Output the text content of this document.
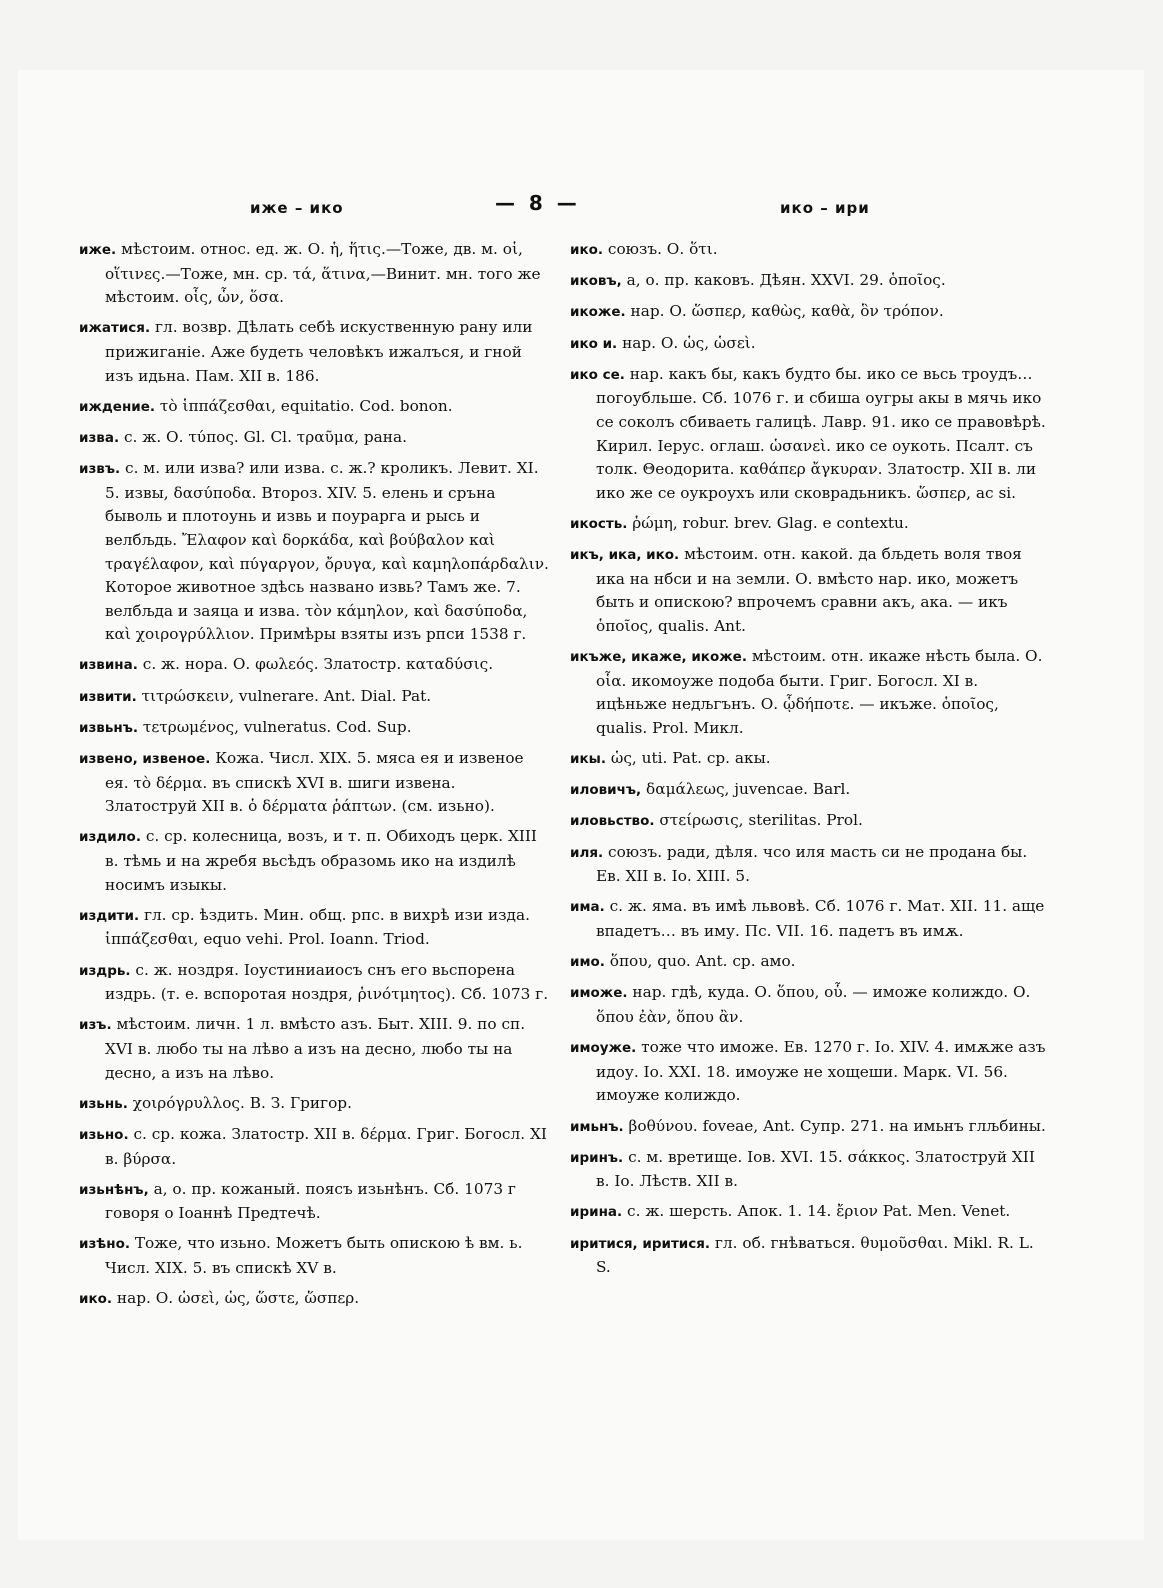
иже – ико	—  8  —	ико – ири

иже. мѣстоим. относ. ед. ж. О. ἡ, ἥτις.—Тоже, дв. м. οἱ, οἵτινες.—Тоже, мн. ср. τά, ἅτινα,—Винит. мн. того же мѣстоим. οἷς, ὧν, ὅσα.

ижатися. гл. возвр. Дѣлать себѣ искуственную рану или прижиганіе. Аже будеть человѣкъ ижалъся, и гной изъ идьна. Пам. XII в. 186.

иждение. τὸ ἱππάζεσθαι, equitatio. Cod. bonon.

изва. с. ж. О. τύπος. Gl. Cl. τραῦμα, рана.

извъ. с. м. или изва? или изва. с. ж.? кроликъ. Левит. XI. 5. извы, δασύποδα. Второз. XIV. 5. елень и сръна быволь и плотоунь и извь и поурарга и рысь и велбљдь. Ἔλαφον καὶ δορκάδα, καὶ βούβαλον καὶ τραγέλαφον, καὶ πύγαργον, ὄρυγα, καὶ καμηλοπάρδαλιν. Которое животное здѣсь названо извь? Тамъ же. 7. велбљда и заяца и изва. τὸν κάμηλον, καὶ δασύποδα, καὶ χοιρογρύλλιον. Примѣры взяты изъ рпси 1538 г.

извина. с. ж. нора. О. φωλεός. Златостр. καταδύσις.

извити. τιτρώσκειν, vulnerare. Ant. Dial. Pat.

извьнъ. τετρωμένος, vulneratus. Cod. Sup.

извено, извеное. Кожа. Числ. XIX. 5. мяса ея и извеное ея. τὸ δέρμα. въ спискѣ XVI в. шиги извена. Златоструй XII в. ὁ δέρματα ῥάπτων. (см. изьно).

издило. с. ср. колесница, возъ, и т. п. Обиходъ церк. XIII в. тѣмь и на жребя вьсѣдъ образомь ико на издилѣ носимъ изыкы.

издити. гл. ср. ѣздить. Мин. общ. рпс. в вихрѣ изи изда. ἱππάζεσθαι, equo vehi. Prol. Ioann. Triod.

издрь. с. ж. ноздря. Іоустиниаиосъ снъ его вьспорена издрь. (т. е. вспоротая ноздря, ῥινότμητος). Сб. 1073 г.

изъ. мѣстоим. личн. 1 л. вмѣсто азъ. Быт. XIII. 9. по сп. XVI в. любо ты на лѣво а изъ на десно, любо ты на десно, а изъ на лѣво.

изьнь. χοιρόγρυλλος. В. З. Григор.

изьно. с. ср. кожа. Златостр. XII в. δέρμα. Григ. Богосл. XI в. βύρσα.

изьнѣнъ, а, о. пр. кожаный. поясъ изьнѣнъ. Сб. 1073 г говоря о Іоаннѣ Предтечѣ.

изѣно. Тоже, что изьно. Можетъ быть опискою ѣ вм. ь. Числ. XIX. 5. въ спискѣ XV в.

ико. нар. О. ὡσεὶ, ὡς, ὥστε, ὥσπερ.

ико. союзъ. О. ὅτι.

иковъ, а, о. пр. каковъ. Дѣян. XXVI. 29. ὁποῖος.

икоже. нар. О. ὥσπερ, καθὼς, καθὰ, ὃν τρόπον.

ико и. нар. О. ὡς, ὡσεὶ.

ико се. нар. какъ бы, какъ будто бы. ико се вьсь троудъ… погоубльше. Сб. 1076 г. и сбиша оугры акы в мячь ико се соколъ сбиваеть галицѣ. Лавр. 91. ико се правовѣрѣ. Кирил. Іерус. оглаш. ὡσανεὶ. ико се оукоть. Псалт. съ толк. Θеодорита. καθάπερ ἄγκυραν. Златостр. XII в. ли ико же се оукроухъ или сковрадьникъ. ὥσπερ, ac si.

икость. ῥώμη, robur. brev. Glag. e contextu.

икъ, ика, ико. мѣстоим. отн. какой. да бљдеть воля твоя ика на нбси и на земли. О. вмѣсто нар. ико, можетъ быть и опискою? впрочемъ сравни акъ, ака. — икъ ὁποῖος, qualis. Ant.

икъже, икаже, икоже. мѣстоим. отн. икаже нѣсть была. О. οἷα. икомоуже подоба быти. Григ. Богосл. XI в. ицѣньже недљгънъ. О. ᾧδήποτε. — икъже. ὁποῖος, qualis. Prol. Микл.

икы. ὡς, uti. Pat. ср. акы.

иловичъ, δαμάλεως, juvencae. Barl.

иловьство. στείρωσις, sterilitas. Prol.

иля. союзъ. ради, дѣля. чсо иля масть си не продана бы. Ев. XII в. Іо. XIII. 5.

има. с. ж. яма. въ имѣ львовѣ. Сб. 1076 г. Мат. XII. 11. аще впадетъ… въ иму. Пс. VII. 16. падетъ въ имѫ.

имо. ὅπου, quo. Ant. ср. амо.

иможе. нар. гдѣ, куда. О. ὅπου, οὗ. — иможе колиждо. О. ὅπου ἐὰν, ὅπου ἂν.

имоуже. тоже что иможе. Ев. 1270 г. Іо. XIV. 4. имѫже азъ идоу. Іо. XXI. 18. имоуже не хощеши. Марк. VI. 56. имоуже колиждо.

имьнъ. βοθύνου. foveae, Ant. Супр. 271. на имьнъ глљбины.

иринъ. с. м. вретище. Іов. XVI. 15. σάκκος. Златоструй XII в. Іо. Лѣств. XII в.

ирина. с. ж. шерсть. Апок. 1. 14. ἔριον Pat. Men. Venet.

иритися, иритися. гл. об. гнѣваться. θυμοῦσθαι. Mikl. R. L. S.
